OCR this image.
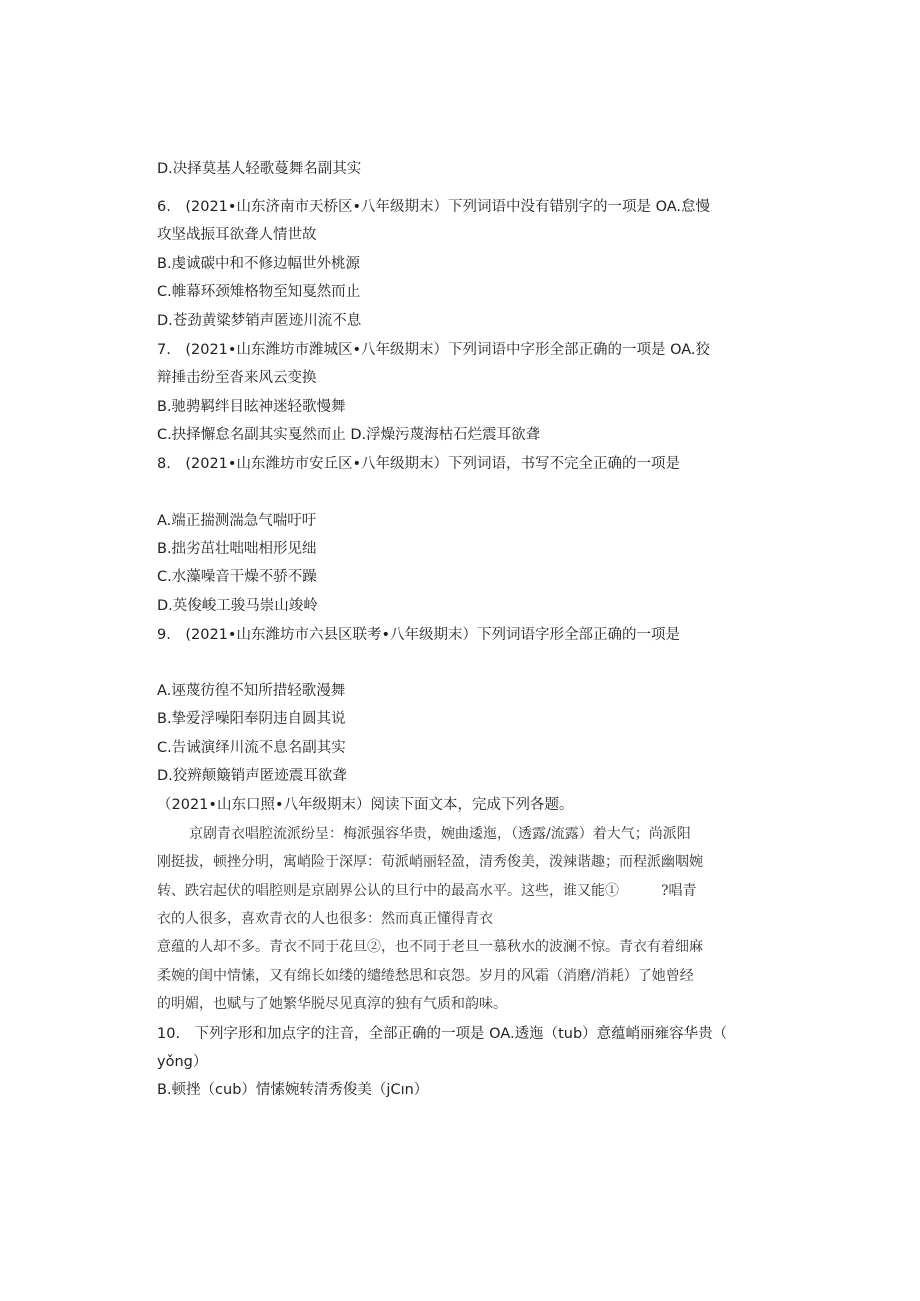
D.决择莫基人轻歌蔓舞名副其实
6.　(2021•山东济南市天桥区•八年级期末）下列词语中没有错别字的一项是 OA.怠慢
攻坚战振耳欲聋人情世故
B.虔诚碳中和不修边幅世外桃源
C.帷幕环颈雉格物至知戛然而止
D.苍劲黄粱梦销声匿迹川流不息
7.　(2021•山东潍坊市潍城区•八年级期末）下列词语中字形全部正确的一项是 OA.狡
辩捶击纷至沓来风云变换
B.驰骋羁绊目眩神迷轻歌慢舞
C.抉择懈怠名副其实戛然而止 D.浮燥污蔑海枯石烂震耳欲聋
8.　(2021•山东潍坊市安丘区•八年级期末）下列词语，书写不完全正确的一项是
A.端正揣测湍急气喘吁吁
B.拙劣茁壮咄咄相形见绌
C.水藻噪音干燥不骄不躁
D.英俊峻工骏马崇山竣岭
9.　(2021•山东潍坊市六县区联考•八年级期末）下列词语字形全部正确的一项是
A.诬蔑彷徨不知所措轻歌漫舞
B.挚爱浮噪阳奉阴违自圆其说
C.告诫演绎川流不息名副其实
D.狡辨颠簸销声匿迹震耳欲聋
（2021•山东口照•八年级期末）阅读下面文本，完成下列各题。
京剧青衣唱腔流派纷呈：梅派强容华贵，婉曲逶迤，（透露/流露）着大气；尚派阳
刚挺拔，顿挫分明，寓峭险于深厚：荀派峭丽轻盈，清秀俊美，泼辣谐趣；而程派幽咽婉
转、跌宕起伏的唱腔则是京剧界公认的旦行中的最高水平。这些，谁又能①　　　?唱青
衣的人很多，喜欢青衣的人也很多：然而真正懂得青衣
意蕴的人却不多。青衣不同于花旦②，也不同于老旦一慕秋水的波澜不惊。青衣有着细麻
柔婉的闺中情愫，又有绵长如缕的缱绻愁思和哀怨。岁月的风霜（消磨/消耗）了她曾经
的明媚，也赋与了她繁华脱尽见真淳的独有气质和韵味。
10.　下列字形和加点字的注音，全部正确的一项是 OA.透迤（tub）意蕴峭丽雍容华贵（
yǒng）
B.顿挫（cub）情愫婉转清秀俊美（jCın）
